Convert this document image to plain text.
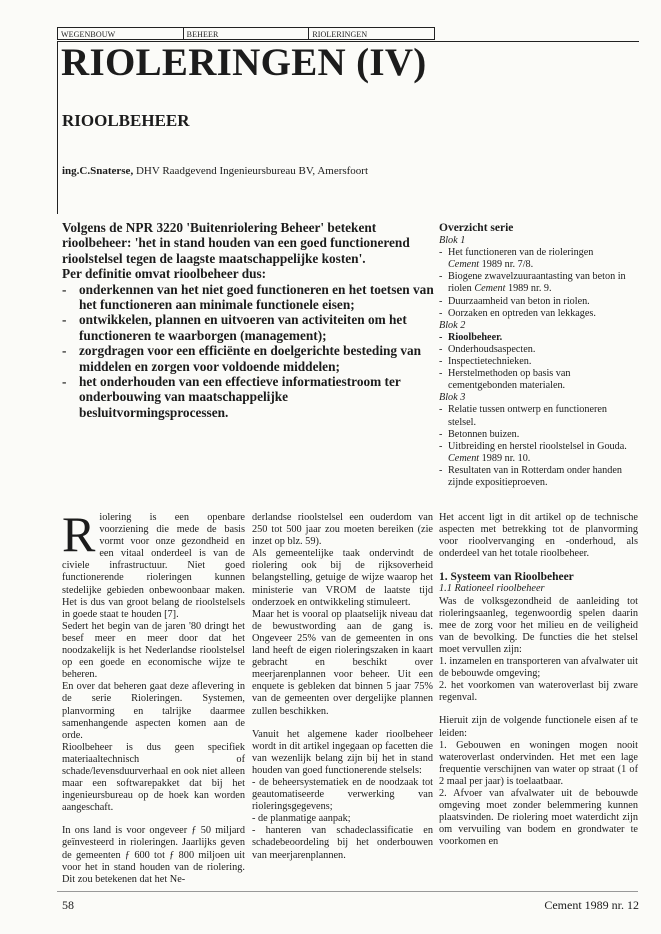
WEGENBOUW	BEHEER	RIOLERINGEN
RIOLERINGEN (IV)
RIOOLBEHEER
ing.C.Snaterse, DHV Raadgevend Ingenieursbureau BV, Amersfoort

Volgens de NPR 3220 'Buitenriolering Beheer' betekent rioolbeheer: 'het in stand houden van een goed functionerend rioolstelsel tegen de laagste maatschappelijke kosten'.

Per definitie omvat rioolbeheer dus:

- onderkennen van het niet goed functioneren en het toetsen van het functioneren aan minimale functionele eisen;
- ontwikkelen, plannen en uitvoeren van activiteiten om het functioneren te waarborgen (management);
- zorgdragen voor een efficiënte en doelgerichte besteding van middelen en zorgen voor voldoende middelen;
- het onderhouden van een effectieve informatiestroom ter onderbouwing van maatschappelijke besluitvormingsprocessen.
Overzicht serie
Blok 1
- Het functioneren van de rioleringen
Cement 1989 nr. 7/8.
- Biogene zwavelzuuraantasting van beton in riolen Cement 1989 nr. 9.
- Duurzaamheid van beton in riolen.
- Oorzaken en optreden van lekkages.
Blok 2
- Rioolbeheer.
- Onderhoudsaspecten.
- Inspectietechnieken.
- Herstelmethoden op basis van cementgebonden materialen.
Blok 3
- Relatie tussen ontwerp en functioneren stelsel.
- Betonnen buizen.
- Uitbreiding en herstel rioolstelsel in Gouda. Cement 1989 nr. 10.
- Resultaten van in Rotterdam onder handen zijnde expositieproeven.

Riolering is een openbare voorziening die mede de basis vormt voor onze gezondheid en een vitaal onderdeel is van de civiele infrastructuur. Niet goed functionerende rioleringen kunnen stedelijke gebieden onbewoonbaar maken. Het is dus van groot belang de rioolstelsels in goede staat te houden [7].

Sedert het begin van de jaren '80 dringt het besef meer en meer door dat het noodzakelijk is het Nederlandse rioolstelsel op een goede en economische wijze te beheren.

En over dat beheren gaat deze aflevering in de serie Rioleringen. Systemen, planvorming en talrijke daarmee samenhangende aspecten komen aan de orde.

Rioolbeheer is dus geen specifiek materiaaltechnisch of schade/levensduurverhaal en ook niet alleen maar een softwarepakket dat bij het ingenieursbureau op de hoek kan worden aangeschaft.

In ons land is voor ongeveer ƒ 50 miljard geïnvesteerd in rioleringen. Jaarlijks geven de gemeenten ƒ 600 tot ƒ 800 miljoen uit voor het in stand houden van de riolering. Dit zou betekenen dat het Ne-

derlandse rioolstelsel een ouderdom van 250 tot 500 jaar zou moeten bereiken (zie inzet op blz. 59).

Als gemeentelijke taak ondervindt de riolering ook bij de rijksoverheid belangstelling, getuige de wijze waarop het ministerie van VROM de laatste tijd onderzoek en ontwikkeling stimuleert.

Maar het is vooral op plaatselijk niveau dat de bewustwording aan de gang is. Ongeveer 25% van de gemeenten in ons land heeft de eigen rioleringszaken in kaart gebracht en beschikt over meerjarenplannen voor beheer. Uit een enquete is gebleken dat binnen 5 jaar 75% van de gemeenten over dergelijke plannen zullen beschikken.

Vanuit het algemene kader rioolbeheer wordt in dit artikel ingegaan op facetten die van wezenlijk belang zijn bij het in stand houden van goed functionerende stelsels:

- de beheersystematiek en de noodzaak tot geautomatiseerde verwerking van rioleringsgegevens;

- de planmatige aanpak;

- hanteren van schadeclassificatie en schadebeoordeling bij het onderbouwen van meerjarenplannen.

Het accent ligt in dit artikel op de technische aspecten met betrekking tot de planvorming voor rioolvervanging en -onderhoud, als onderdeel van het totale rioolbeheer.

1. Systeem van Rioolbeheer
1.1 Rationeel rioolbeheer

Was de volksgezondheid de aanleiding tot rioleringsaanleg, tegenwoordig spelen daarin mee de zorg voor het milieu en de veiligheid van de bevolking. De functies die het stelsel moet vervullen zijn:

1. inzamelen en transporteren van afvalwater uit de bebouwde omgeving;

2. het voorkomen van wateroverlast bij zware regenval.

Hieruit zijn de volgende functionele eisen af te leiden:

1. Gebouwen en woningen mogen nooit wateroverlast ondervinden. Het met een lage frequentie verschijnen van water op straat (1 of 2 maal per jaar) is toelaatbaar.

2. Afvoer van afvalwater uit de bebouwde omgeving moet zonder belemmering kunnen plaatsvinden. De riolering moet waterdicht zijn om vervuiling van bodem en grondwater te voorkomen en

58	Cement 1989 nr. 12
